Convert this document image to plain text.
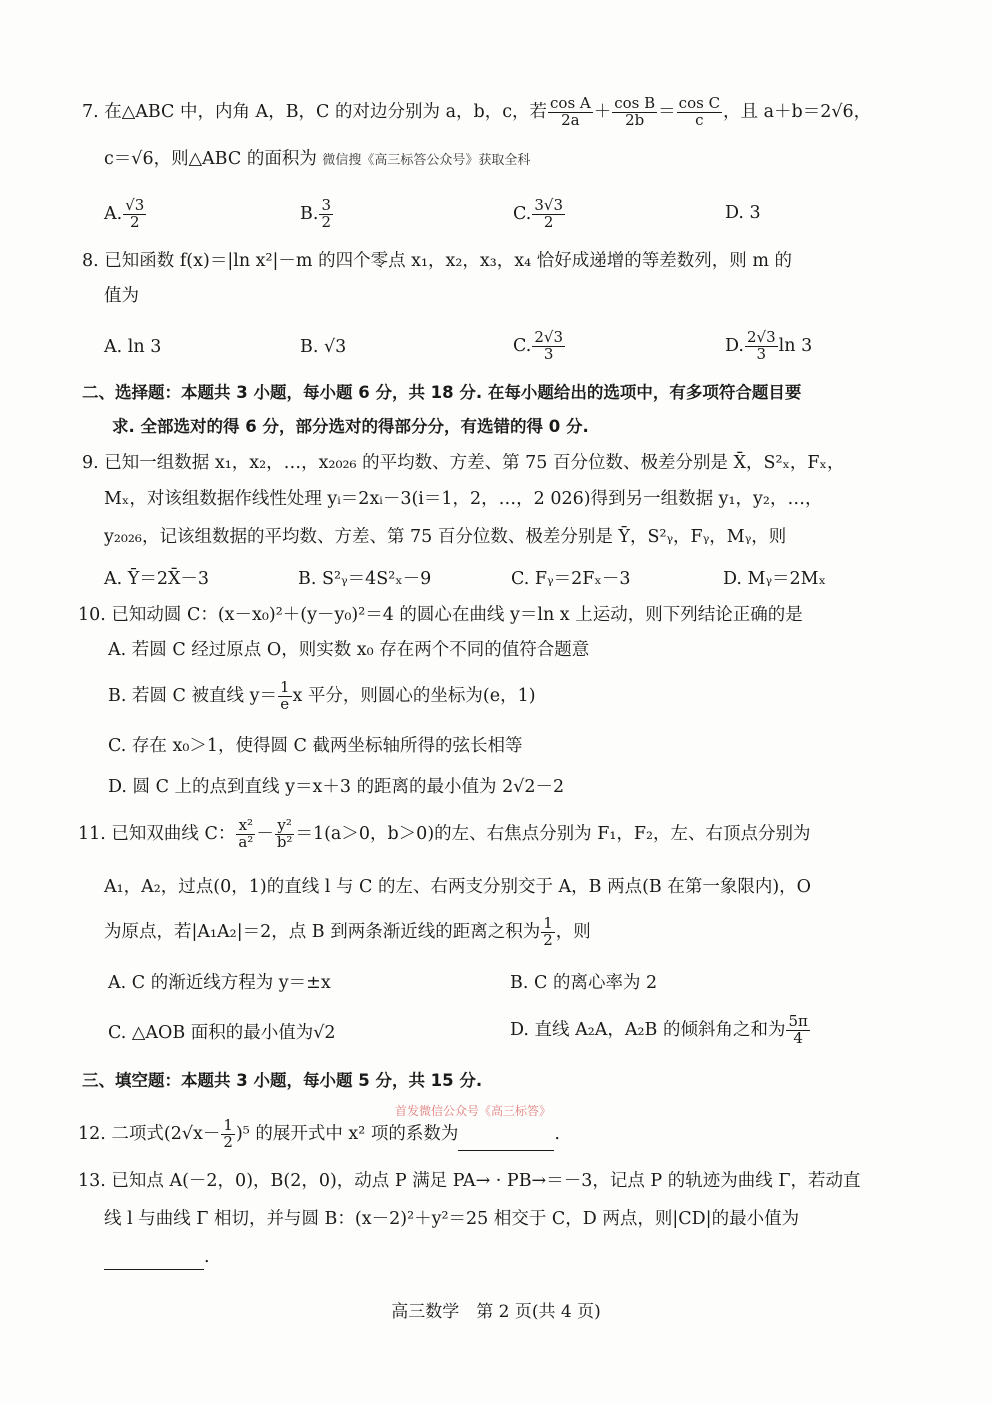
7. 在△ABC 中，内角 A，B，C 的对边分别为 a，b，c，若 $\frac{\text{cos A}}{2a} + \frac{\text{cos B}}{2b} = \frac{\text{cos C}}{c}$ ，且 a＋b＝2√6，
c＝√6，则△ABC 的面积为 微信搜《高三标答公众号》获取全科
A. $\frac{√3}{2}$	B. $\frac{3}{2}$	C. $\frac{3√3}{2}$	D. 3
8. 已知函数 f(x)＝|ln x²|－m 的四个零点 x₁，x₂，x₃，x₄ 恰好成递增的等差数列，则 m 的
值为
A. ln 3	B. √3	C. $\frac{2√3}{3}$	D. $\frac{2√3}{3}$ ln 3
二、选择题：本题共 3 小题，每小题 6 分，共 18 分. 在每小题给出的选项中，有多项符合题目要
求. 全部选对的得 6 分，部分选对的得部分分，有选错的得 0 分.
9. 已知一组数据 x₁，x₂，…，x₂₀₂₆ 的平均数、方差、第 75 百分位数、极差分别是 X̄，S²ₓ，Fₓ，
Mₓ，对该组数据作线性处理 yᵢ＝2xᵢ－3(i＝1，2，…，2 026)得到另一组数据 y₁，y₂，…，
y₂₀₂₆，记该组数据的平均数、方差、第 75 百分位数、极差分别是 Ȳ，S²ᵧ，Fᵧ，Mᵧ，则
A. Ȳ＝2X̄－3	B. S²ᵧ＝4S²ₓ－9	C. Fᵧ＝2Fₓ－3	D. Mᵧ＝2Mₓ
10. 已知动圆 C：(x－x₀)²＋(y－y₀)²＝4 的圆心在曲线 y＝ln x 上运动，则下列结论正确的是
A. 若圆 C 经过原点 O，则实数 x₀ 存在两个不同的值符合题意
B. 若圆 C 被直线 $y= \frac{1}{e}$ x 平分，则圆心的坐标为(e，1)
C. 存在 x₀＞1，使得圆 C 截两坐标轴所得的弦长相等
D. 圆 C 上的点到直线 y＝x＋3 的距离的最小值为 2√2－2
11. 已知双曲线 C： $\frac{\text{x²}}{\text{a²}} - \frac{\text{y²}}{\text{b²}} =1(a>0$，b＞0)的左、右焦点分别为 F₁，F₂，左、右顶点分别为
A₁，A₂，过点(0，1)的直线 l 与 C 的左、右两支分别交于 A，B 两点(B 在第一象限内)，O
为原点，若|A₁A₂|＝2，点 B 到两条渐近线的距离之积为 $\frac{1}{2}$ ，则
A. C 的渐近线方程为 y＝±x	B. C 的离心率为 2
C. △AOB 面积的最小值为√2	D. 直线 A₂A，A₂B 的倾斜角之和为 $\frac{5\pi}{4}$
三、填空题：本题共 3 小题，每小题 5 分，共 15 分.
首发微信公众号《高三标答》
12. 二项式$(2√x- \frac{1}{2} )^5$ 的展开式中 x² 项的系数为	.
13. 已知点 A(－2，0)，B(2，0)，动点 P 满足 PA→ · PB→＝－3，记点 P 的轨迹为曲线 Γ，若动直
线 l 与曲线 Γ 相切，并与圆 B：(x－2)²＋y²＝25 相交于 C，D 两点，则|CD|的最小值为
.
高三数学　第 2 页(共 4 页)
